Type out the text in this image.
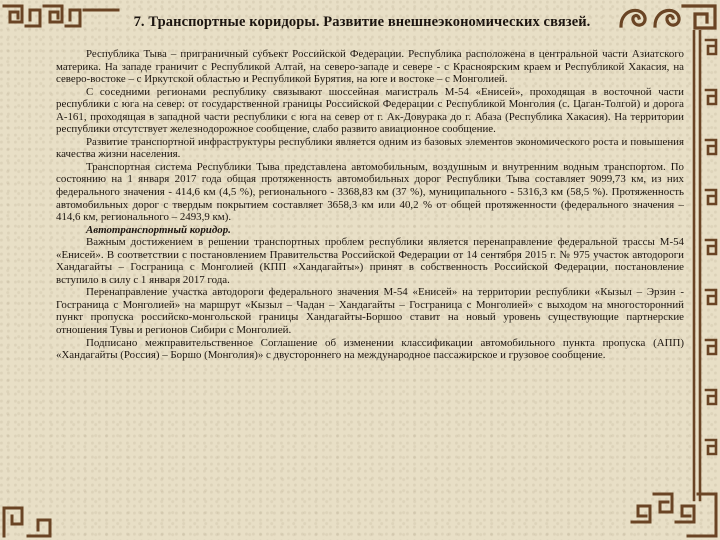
7. Транспортные коридоры. Развитие внешнеэкономических связей.

Республика Тыва – приграничный субъект Российской Федерации. Республика расположена в центральной части Азиатского материка. На западе граничит с Республикой Алтай, на северо-западе и севере - с Красноярским краем и Республикой Хакасия, на северо-востоке – с Иркутской областью и Республикой Бурятия, на юге и востоке – с Монголией.

С соседними регионами республику связывают шоссейная магистраль М-54 «Енисей», проходящая в восточной части республики с юга на север: от государственной границы Российской Федерации с Республикой Монголия (с. Цаган-Толгой) и дорога А-161, проходящая в западной части республики с юга на север от г. Ак-Довурака до г. Абаза (Республика Хакасия). На территории республики отсутствует железнодорожное сообщение, слабо развито авиационное сообщение.

Развитие транспортной инфраструктуры республики является одним из базовых элементов экономического роста и повышения качества жизни населения.

Транспортная система Республики Тыва представлена автомобильным, воздушным и внутренним водным транспортом. По состоянию на 1 января 2017 года общая протяженность автомобильных дорог Республики Тыва составляет 9099,73 км, из них федерального значения - 414,6 км (4,5 %), регионального - 3368,83 км (37 %), муниципального - 5316,3 км (58,5 %). Протяженность автомобильных дорог с твердым покрытием составляет 3658,3 км или 40,2 % от общей протяженности (федерального значения – 414,6 км, регионального – 2493,9 км).

Автотранспортный коридор.

Важным достижением в решении транспортных проблем республики является перенаправление федеральной трассы М-54 «Енисей». В соответствии с постановлением Правительства Российской Федерации от 14 сентября 2015 г. № 975 участок автодороги Хандагайты – Госграница с Монголией (КПП «Хандагайты») принят в собственность Российской Федерации, постановление вступило в силу с 1 января 2017 года.

Перенаправление участка автодороги федерального значения М-54 «Енисей» на территории республики «Кызыл – Эрзин - Госграница с Монголией» на маршрут «Кызыл – Чадан – Хандагайты – Госграница с Монголией» с выходом на многосторонний пункт пропуска российско-монгольской границы Хандагайты-Боршоо ставит на новый уровень существующие партнерские отношения Тувы и регионов Сибири с Монголией.

Подписано межправительственное Соглашение об изменении классификации автомобильного пункта пропуска (АПП) «Хандагайты (Россия) – Боршо (Монголия)» с двустороннего на международное пассажирское и грузовое сообщение.
